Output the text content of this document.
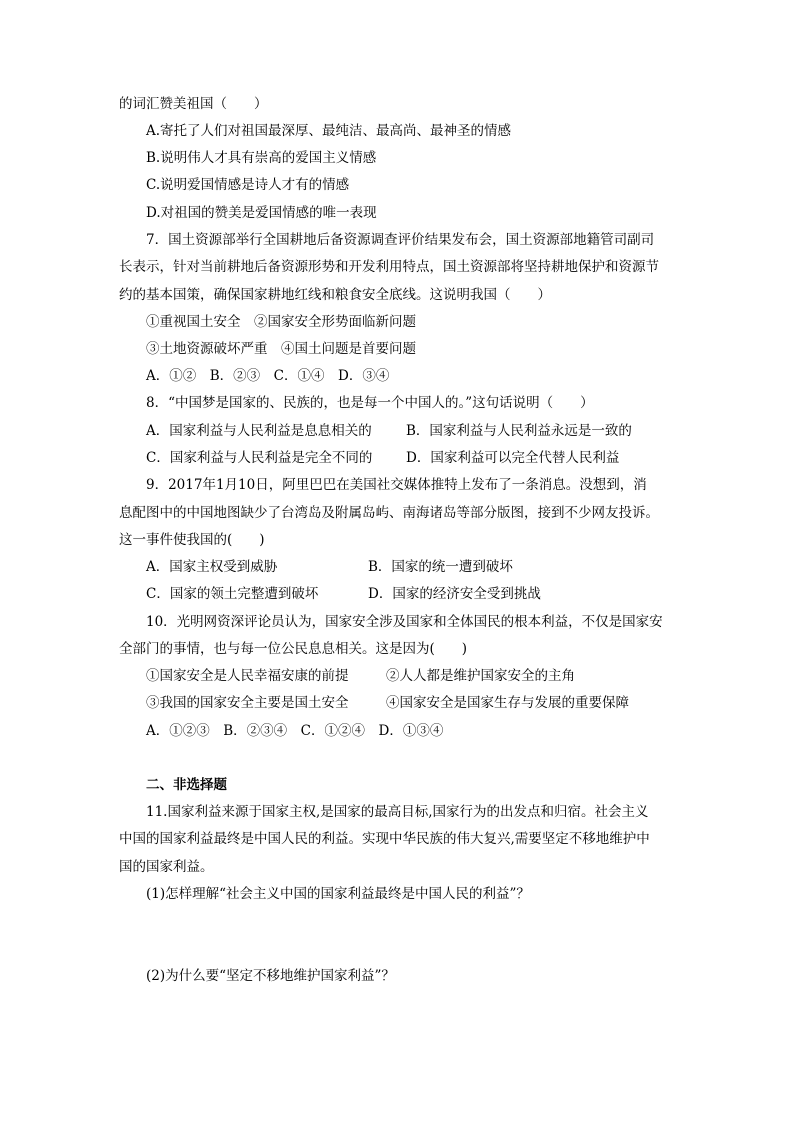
的词汇赞美祖国（　　）
A.寄托了人们对祖国最深厚、最纯洁、最高尚、最神圣的情感
B.说明伟人才具有崇高的爱国主义情感
C.说明爱国情感是诗人才有的情感
D.对祖国的赞美是爱国情感的唯一表现
7．国土资源部举行全国耕地后备资源调查评价结果发布会，国土资源部地籍管司副司
长表示，针对当前耕地后备资源形势和开发利用特点，国土资源部将坚持耕地保护和资源节
约的基本国策，确保国家耕地红线和粮食安全底线。这说明我国（　　）
①重视国土安全　②国家安全形势面临新问题
③土地资源破坏严重　④国土问题是首要问题
A．①②　B．②③　C．①④　D．③④
8．“中国梦是国家的、民族的，也是每一个中国人的。”这句话说明（　　）
A．国家利益与人民利益是息息相关的	B．国家利益与人民利益永远是一致的
C．国家利益与人民利益是完全不同的 D．国家利益可以完全代替人民利益
9．2017年1月10日，阿里巴巴在美国社交媒体推特上发布了一条消息。没想到，消
息配图中的中国地图缺少了台湾岛及附属岛屿、南海诸岛等部分版图，接到不少网友投诉。
这一事件使我国的(　　)
A．国家主权受到威胁	B．国家的统一遭到破坏
C．国家的领土完整遭到破坏	D．国家的经济安全受到挑战
10．光明网资深评论员认为，国家安全涉及国家和全体国民的根本利益，不仅是国家安
全部门的事情，也与每一位公民息息相关。这是因为(　　)
①国家安全是人民幸福安康的前提	②人人都是维护国家安全的主角
③我国的国家安全主要是国土安全	④国家安全是国家生存与发展的重要保障
A．①②③　B．②③④　C．①②④　D．①③④
二、非选择题
11.国家利益来源于国家主权,是国家的最高目标,国家行为的出发点和归宿。社会主义
中国的国家利益最终是中国人民的利益。实现中华民族的伟大复兴,需要坚定不移地维护中
国的国家利益。
(1)怎样理解“社会主义中国的国家利益最终是中国人民的利益”？
(2)为什么要“坚定不移地维护国家利益”？
